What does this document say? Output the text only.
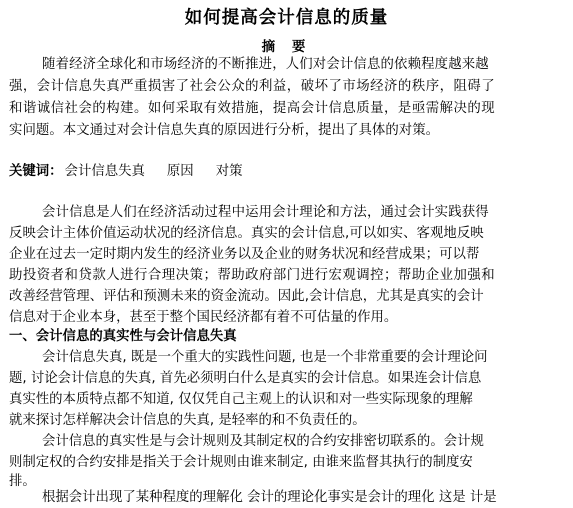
如何提高会计信息的质量
摘 要
随着经济全球化和市场经济的不断推进，人们对会计信息的依赖程度越来越
强，会计信息失真严重损害了社会公众的利益，破坏了市场经济的秩序，阻碍了
和谐诚信社会的构建。如何采取有效措施，提高会计信息质量，是亟需解决的现
实问题。本文通过对会计信息失真的原因进行分析，提出了具体的对策。
关键词： 会计信息失真 原因 对策
会计信息是人们在经济活动过程中运用会计理论和方法，通过会计实践获得
反映会计主体价值运动状况的经济信息。真实的会计信息,可以如实、客观地反映
企业在过去一定时期内发生的经济业务以及企业的财务状况和经营成果；可以帮
助投资者和贷款人进行合理决策；帮助政府部门进行宏观调控；帮助企业加强和
改善经营管理、评估和预测未来的资金流动。因此,会计信息，尤其是真实的会计
信息对于企业本身，甚至于整个国民经济都有着不可估量的作用。
一、会计信息的真实性与会计信息失真
会计信息失真, 既是一个重大的实践性问题, 也是一个非常重要的会计理论问
题, 讨论会计信息的失真, 首先必须明白什么是真实的会计信息。如果连会计信息
真实性的本质特点都不知道, 仅仅凭自己主观上的认识和对一些实际现象的理解
就来探讨怎样解决会计信息的失真, 是轻率的和不负责任的。
会计信息的真实性是与会计规则及其制定权的合约安排密切联系的。会计规
则制定权的合约安排是指关于会计规则由谁来制定, 由谁来监督其执行的制度安
排。
根据会计出现了某种程度的理解化 会计的理论化事实是会计的理化 这是 计是
